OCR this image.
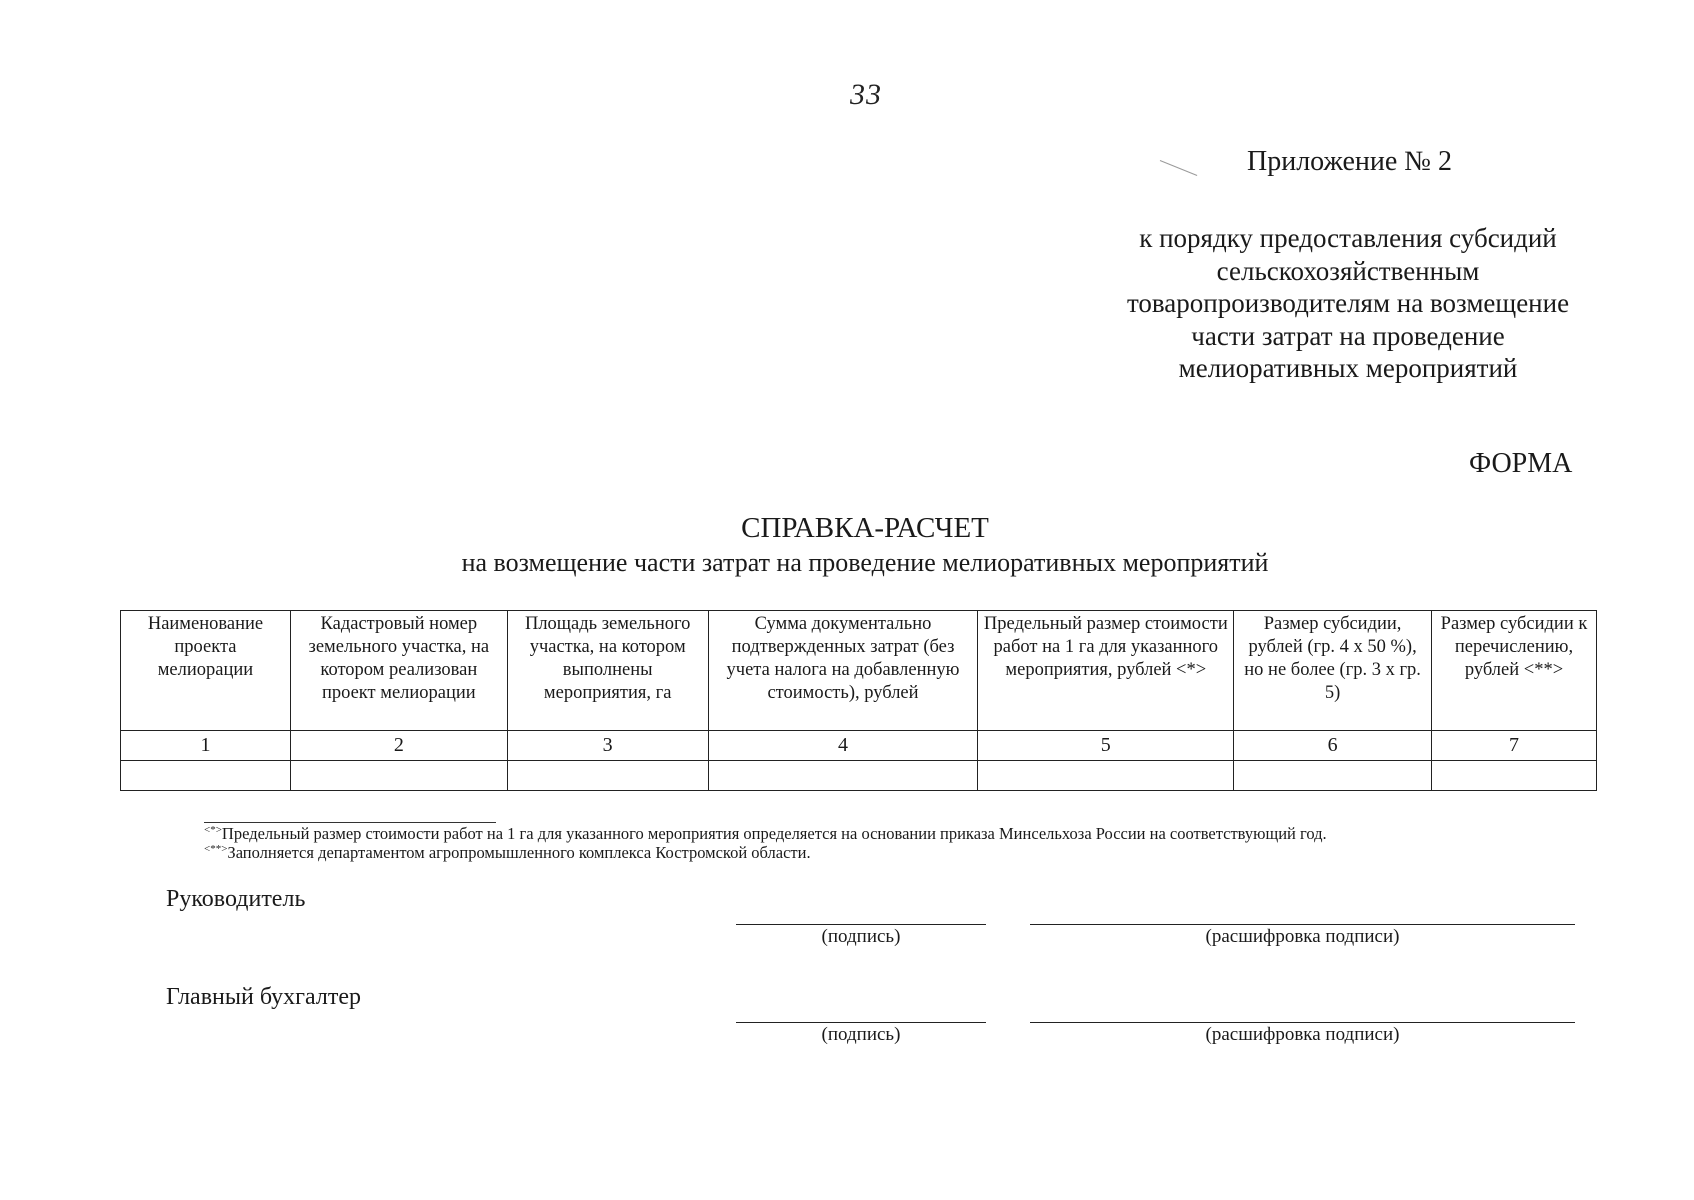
33
Приложение № 2
к порядку предоставления субсидий сельскохозяйственным товаропроизводителям на возмещение части затрат на проведение мелиоративных мероприятий
ФОРМА
СПРАВКА-РАСЧЕТ
на возмещение части затрат на проведение мелиоративных мероприятий
Наименование проекта мелиорации	Кадастровый номер земельного участка, на котором реализован проект мелиорации	Площадь земельного участка, на котором выполнены мероприятия, га	Сумма документально подтвержденных затрат (без учета налога на добавленную стоимость), рублей	Предельный размер стоимости работ на 1 га для указанного мероприятия, рублей <*>	Размер субсидии, рублей (гр. 4 х 50 %), но не более (гр. 3 х гр. 5)	Размер субсидии к перечислению, рублей <**>
1	2	3	4	5	6	7

<*>Предельный размер стоимости работ на 1 га для указанного мероприятия определяется на основании приказа Минсельхоза России на соответствующий год.
<**>Заполняется департаментом агропромышленного комплекса Костромской области.
Руководитель
(подпись)	(расшифровка подписи)
Главный бухгалтер
(подпись)	(расшифровка подписи)
